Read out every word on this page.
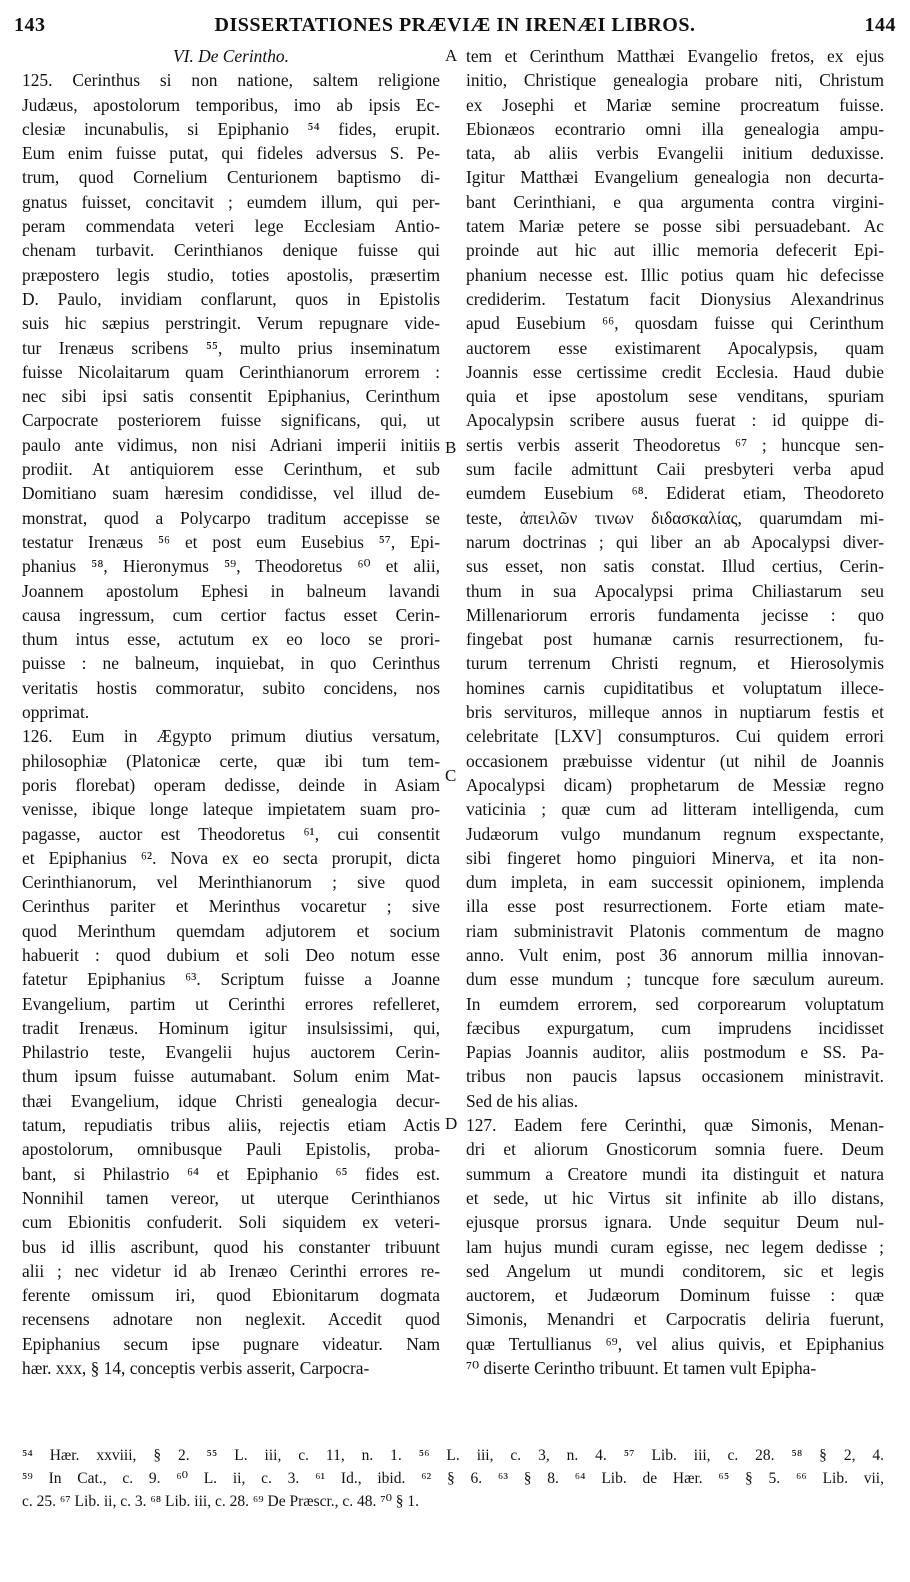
143	DISSERTATIONES PRÆVIÆ IN IRENÆI LIBROS.	144
VI. De Cerintho.
125. Cerinthus si non natione, saltem religione
Judæus, apostolorum temporibus, imo ab ipsis Ec-
clesiæ incunabulis, si Epiphanio ⁵⁴ fides, erupit.
Eum enim fuisse putat, qui fideles adversus S. Pe-
trum, quod Cornelium Centurionem baptismo di-
gnatus fuisset, concitavit ; eumdem illum, qui per-
peram commendata veteri lege Ecclesiam Antio-
chenam turbavit. Cerinthianos denique fuisse qui
præpostero legis studio, toties apostolis, præsertim
D. Paulo, invidiam conflarunt, quos in Epistolis
suis hic sæpius perstringit. Verum repugnare vide-
tur Irenæus scribens ⁵⁵, multo prius inseminatum
fuisse Nicolaitarum quam Cerinthianorum errorem :
nec sibi ipsi satis consentit Epiphanius, Cerinthum
Carpocrate posteriorem fuisse significans, qui, ut
paulo ante vidimus, non nisi Adriani imperii initiis
prodiit. At antiquiorem esse Cerinthum, et sub
Domitiano suam hæresim condidisse, vel illud de-
monstrat, quod a Polycarpo traditum accepisse se
testatur Irenæus ⁵⁶ et post eum Eusebius ⁵⁷, Epi-
phanius ⁵⁸, Hieronymus ⁵⁹, Theodoretus ⁶⁰ et alii,
Joannem apostolum Ephesi in balneum lavandi
causa ingressum, cum certior factus esset Cerin-
thum intus esse, actutum ex eo loco se prori-
puisse : ne balneum, inquiebat, in quo Cerinthus
veritatis hostis commoratur, subito concidens, nos
opprimat.
126. Eum in Ægypto primum diutius versatum,
philosophiæ (Platonicæ certe, quæ ibi tum tem-
poris florebat) operam dedisse, deinde in Asiam
venisse, ibique longe lateque impietatem suam pro-
pagasse, auctor est Theodoretus ⁶¹, cui consentit
et Epiphanius ⁶². Nova ex eo secta prorupit, dicta
Cerinthianorum, vel Merinthianorum ; sive quod
Cerinthus pariter et Merinthus vocaretur ; sive
quod Merinthum quemdam adjutorem et socium
habuerit : quod dubium et soli Deo notum esse
fatetur Epiphanius ⁶³. Scriptum fuisse a Joanne
Evangelium, partim ut Cerinthi errores refelleret,
tradit Irenæus. Hominum igitur insulsissimi, qui,
Philastrio teste, Evangelii hujus auctorem Cerin-
thum ipsum fuisse autumabant. Solum enim Mat-
thæi Evangelium, idque Christi genealogia decur-
tatum, repudiatis tribus aliis, rejectis etiam Actis
apostolorum, omnibusque Pauli Epistolis, proba-
bant, si Philastrio ⁶⁴ et Epiphanio ⁶⁵ fides est.
Nonnihil tamen vereor, ut uterque Cerinthianos
cum Ebionitis confuderit. Soli siquidem ex veteri-
bus id illis ascribunt, quod his constanter tribuunt
alii ; nec videtur id ab Irenæo Cerinthi errores re-
ferente omissum iri, quod Ebionitarum dogmata
recensens adnotare non neglexit. Accedit quod
Epiphanius secum ipse pugnare videatur. Nam
hær. xxx, § 14, conceptis verbis asserit, Carpocra-
tem et Cerinthum Matthæi Evangelio fretos, ex ejus
initio, Christique genealogia probare niti, Christum
ex Josephi et Mariæ semine procreatum fuisse.
Ebionæos econtrario omni illa genealogia ampu-
tata, ab aliis verbis Evangelii initium deduxisse.
Igitur Matthæi Evangelium genealogia non decurta-
bant Cerinthiani, e qua argumenta contra virgini-
tatem Mariæ petere se posse sibi persuadebant. Ac
proinde aut hic aut illic memoria defecerit Epi-
phanium necesse est. Illic potius quam hic defecisse
crediderim. Testatum facit Dionysius Alexandrinus
apud Eusebium ⁶⁶, quosdam fuisse qui Cerinthum
auctorem esse existimarent Apocalypsis, quam
Joannis esse certissime credit Ecclesia. Haud dubie
quia et ipse apostolum sese venditans, spuriam
Apocalypsin scribere ausus fuerat : id quippe di-
sertis verbis asserit Theodoretus ⁶⁷ ; huncque sen-
sum facile admittunt Caii presbyteri verba apud
eumdem Eusebium ⁶⁸. Ediderat etiam, Theodoreto
teste, ἀπειλῶν τινων διδασκαλίας, quarumdam mi-
narum doctrinas ; qui liber an ab Apocalypsi diver-
sus esset, non satis constat. Illud certius, Cerin-
thum in sua Apocalypsi prima Chiliastarum seu
Millenariorum erroris fundamenta jecisse : quo
fingebat post humanæ carnis resurrectionem, fu-
turum terrenum Christi regnum, et Hierosolymis
homines carnis cupiditatibus et voluptatum illece-
bris servituros, milleque annos in nuptiarum festis et
celebritate [LXV] consumpturos. Cui quidem errori
occasionem præbuisse videntur (ut nihil de Joannis
Apocalypsi dicam) prophetarum de Messiæ regno
vaticinia ; quæ cum ad litteram intelligenda, cum
Judæorum vulgo mundanum regnum exspectante,
sibi fingeret homo pinguiori Minerva, et ita non-
dum impleta, in eam successit opinionem, implenda
illa esse post resurrectionem. Forte etiam mate-
riam subministravit Platonis commentum de magno
anno. Vult enim, post 36 annorum millia innovan-
dum esse mundum ; tuncque fore sæculum aureum.
In eumdem errorem, sed corporearum voluptatum
fæcibus expurgatum, cum imprudens incidisset
Papias Joannis auditor, aliis postmodum e SS. Pa-
tribus non paucis lapsus occasionem ministravit.
Sed de his alias.
127. Eadem fere Cerinthi, quæ Simonis, Menan-
dri et aliorum Gnosticorum somnia fuere. Deum
summum a Creatore mundi ita distinguit et natura
et sede, ut hic Virtus sit infinite ab illo distans,
ejusque prorsus ignara. Unde sequitur Deum nul-
lam hujus mundi curam egisse, nec legem dedisse ;
sed Angelum ut mundi conditorem, sic et legis
auctorem, et Judæorum Dominum fuisse : quæ
Simonis, Menandri et Carpocratis deliria fuerunt,
quæ Tertullianus ⁶⁹, vel alius quivis, et Epiphanius
⁷⁰ diserte Cerintho tribuunt. Et tamen vult Epipha-
A
B
C
D
⁵⁴ Hær. xxviii, § 2. ⁵⁵ L. iii, c. 11, n. 1. ⁵⁶ L. iii, c. 3, n. 4. ⁵⁷ Lib. iii, c. 28. ⁵⁸ § 2, 4.
⁵⁹ In Cat., c. 9. ⁶⁰ L. ii, c. 3. ⁶¹ Id., ibid. ⁶² § 6. ⁶³ § 8. ⁶⁴ Lib. de Hær. ⁶⁵ § 5. ⁶⁶ Lib. vii,
c. 25. ⁶⁷ Lib. ii, c. 3. ⁶⁸ Lib. iii, c. 28. ⁶⁹ De Præscr., c. 48. ⁷⁰ § 1.
